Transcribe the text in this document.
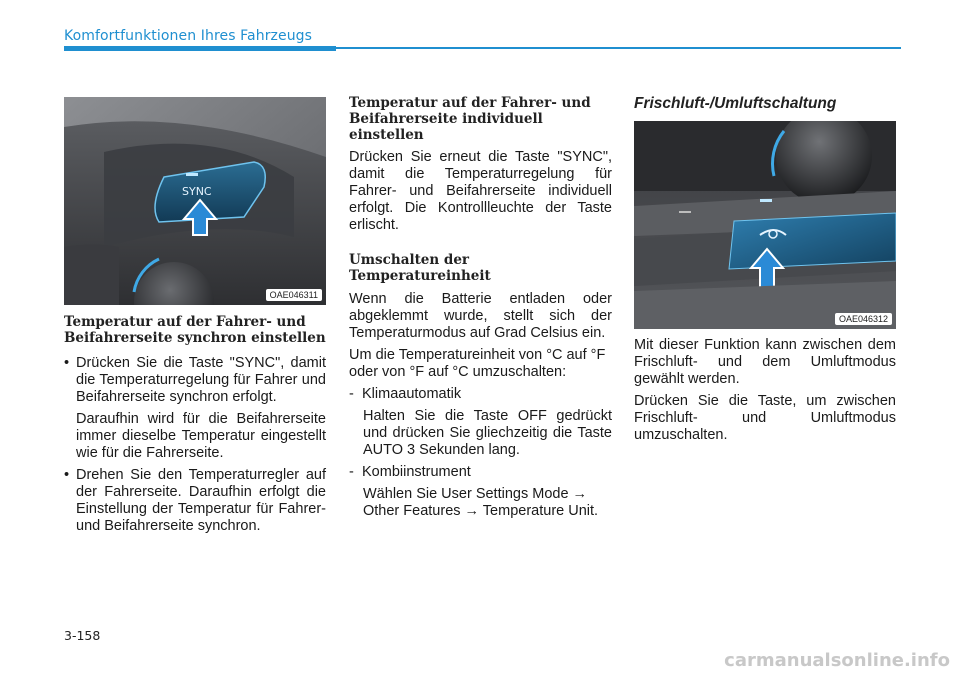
Komfortfunktionen Ihres Fahrzeugs
SYNC
OAE046311
Temperatur auf der Fahrer- und Beifahrerseite synchron einstellen
• Drücken Sie die Taste "SYNC", damit die Temperaturregelung für Fahrer und Beifahrerseite synchron erfolgt.
Daraufhin wird für die Beifahrerseite immer dieselbe Temperatur eingestellt wie für die Fahrerseite.
• Drehen Sie den Temperaturregler auf der Fahrerseite. Daraufhin erfolgt die Einstellung der Temperatur für Fahrer- und Beifahrerseite synchron.
Temperatur auf der Fahrer- und Beifahrerseite individuell einstellen

Drücken Sie erneut die Taste "SYNC", damit die Temperaturregelung für Fahrer- und Beifahrerseite individuell erfolgt. Die Kontrollleuchte der Taste erlischt.

Umschalten der Temperatureinheit

Wenn die Batterie entladen oder abgeklemmt wurde, stellt sich der Temperaturmodus auf Grad Celsius ein.

Um die Temperatureinheit von °C auf °F oder von °F auf °C umzuschalten:

- Klimaautomatik
Halten Sie die Taste OFF gedrückt und drücken Sie gliechzeitig die Taste AUTO 3 Sekunden lang.
- Kombiinstrument
Wählen Sie User Settings Mode → Other Features → Temperature Unit.
Frischluft-/Umluftschaltung
OAE046312

Mit dieser Funktion kann zwischen dem Frischluft- und dem Umluftmodus gewählt werden.

Drücken Sie die Taste, um zwischen Frischluft- und Umluftmodus umzuschalten.

3-158
carmanualsonline.info
